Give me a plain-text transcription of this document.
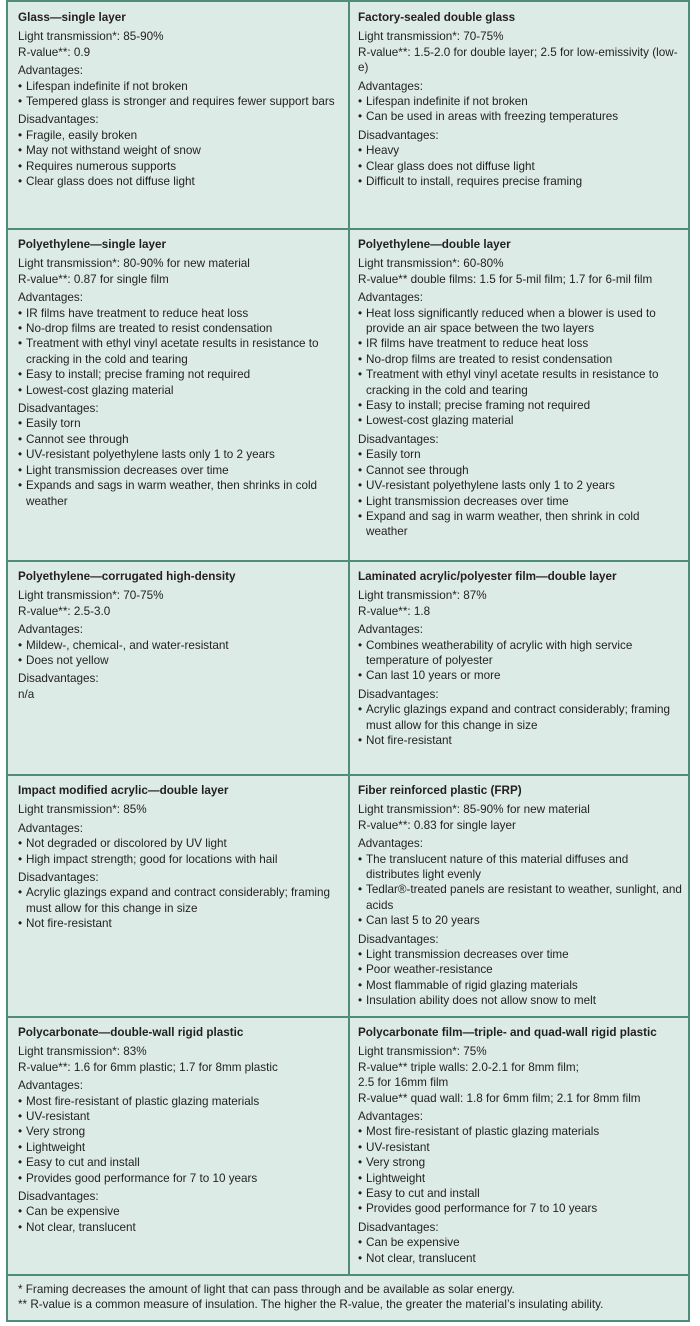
Glass—single layer
Light transmission*: 85-90%
R-value**: 0.9
Advantages:
• Lifespan indefinite if not broken
• Tempered glass is stronger and requires fewer support bars
Disadvantages:
• Fragile, easily broken
• May not withstand weight of snow
• Requires numerous supports
• Clear glass does not diffuse light
Factory-sealed double glass
Light transmission*: 70-75%
R-value**: 1.5-2.0 for double layer; 2.5 for low-emissivity (low-e)
Advantages:
• Lifespan indefinite if not broken
• Can be used in areas with freezing temperatures
Disadvantages:
• Heavy
• Clear glass does not diffuse light
• Difficult to install, requires precise framing
Polyethylene—single layer
Light transmission*: 80-90% for new material
R-value**: 0.87 for single film
Advantages:
• IR films have treatment to reduce heat loss
• No-drop films are treated to resist condensation
• Treatment with ethyl vinyl acetate results in resistance to cracking in the cold and tearing
• Easy to install; precise framing not required
• Lowest-cost glazing material
Disadvantages:
• Easily torn
• Cannot see through
• UV-resistant polyethylene lasts only 1 to 2 years
• Light transmission decreases over time
• Expands and sags in warm weather, then shrinks in cold weather
Polyethylene—double layer
Light transmission*: 60-80%
R-value** double films: 1.5 for 5-mil film; 1.7 for 6-mil film
Advantages:
• Heat loss significantly reduced when a blower is used to provide an air space between the two layers
• IR films have treatment to reduce heat loss
• No-drop films are treated to resist condensation
• Treatment with ethyl vinyl acetate results in resistance to cracking in the cold and tearing
• Easy to install; precise framing not required
• Lowest-cost glazing material
Disadvantages:
• Easily torn
• Cannot see through
• UV-resistant polyethylene lasts only 1 to 2 years
• Light transmission decreases over time
• Expand and sag in warm weather, then shrink in cold weather
Polyethylene—corrugated high-density
Light transmission*: 70-75%
R-value**: 2.5-3.0
Advantages:
• Mildew-, chemical-, and water-resistant
• Does not yellow
Disadvantages:
n/a
Laminated acrylic/polyester film—double layer
Light transmission*: 87%
R-value**: 1.8
Advantages:
• Combines weatherability of acrylic with high service temperature of polyester
• Can last 10 years or more
Disadvantages:
• Acrylic glazings expand and contract considerably; framing must allow for this change in size
• Not fire-resistant
Impact modified acrylic—double layer
Light transmission*: 85%
Advantages:
• Not degraded or discolored by UV light
• High impact strength; good for locations with hail
Disadvantages:
• Acrylic glazings expand and contract considerably; framing must allow for this change in size
• Not fire-resistant
Fiber reinforced plastic (FRP)
Light transmission*: 85-90% for new material
R-value**: 0.83 for single layer
Advantages:
• The translucent nature of this material diffuses and distributes light evenly
• Tedlar®-treated panels are resistant to weather, sunlight, and acids
• Can last 5 to 20 years
Disadvantages:
• Light transmission decreases over time
• Poor weather-resistance
• Most flammable of rigid glazing materials
• Insulation ability does not allow snow to melt
Polycarbonate—double-wall rigid plastic
Light transmission*: 83%
R-value**: 1.6 for 6mm plastic; 1.7 for 8mm plastic
Advantages:
• Most fire-resistant of plastic glazing materials
• UV-resistant
• Very strong
• Lightweight
• Easy to cut and install
• Provides good performance for 7 to 10 years
Disadvantages:
• Can be expensive
• Not clear, translucent
Polycarbonate film—triple- and quad-wall rigid plastic
Light transmission*: 75%
R-value** triple walls: 2.0-2.1 for 8mm film;
2.5 for 16mm film
R-value** quad wall: 1.8 for 6mm film; 2.1 for 8mm film
Advantages:
• Most fire-resistant of plastic glazing materials
• UV-resistant
• Very strong
• Lightweight
• Easy to cut and install
• Provides good performance for 7 to 10 years
Disadvantages:
• Can be expensive
• Not clear, translucent
* Framing decreases the amount of light that can pass through and be available as solar energy.
** R-value is a common measure of insulation. The higher the R-value, the greater the material’s insulating ability.
